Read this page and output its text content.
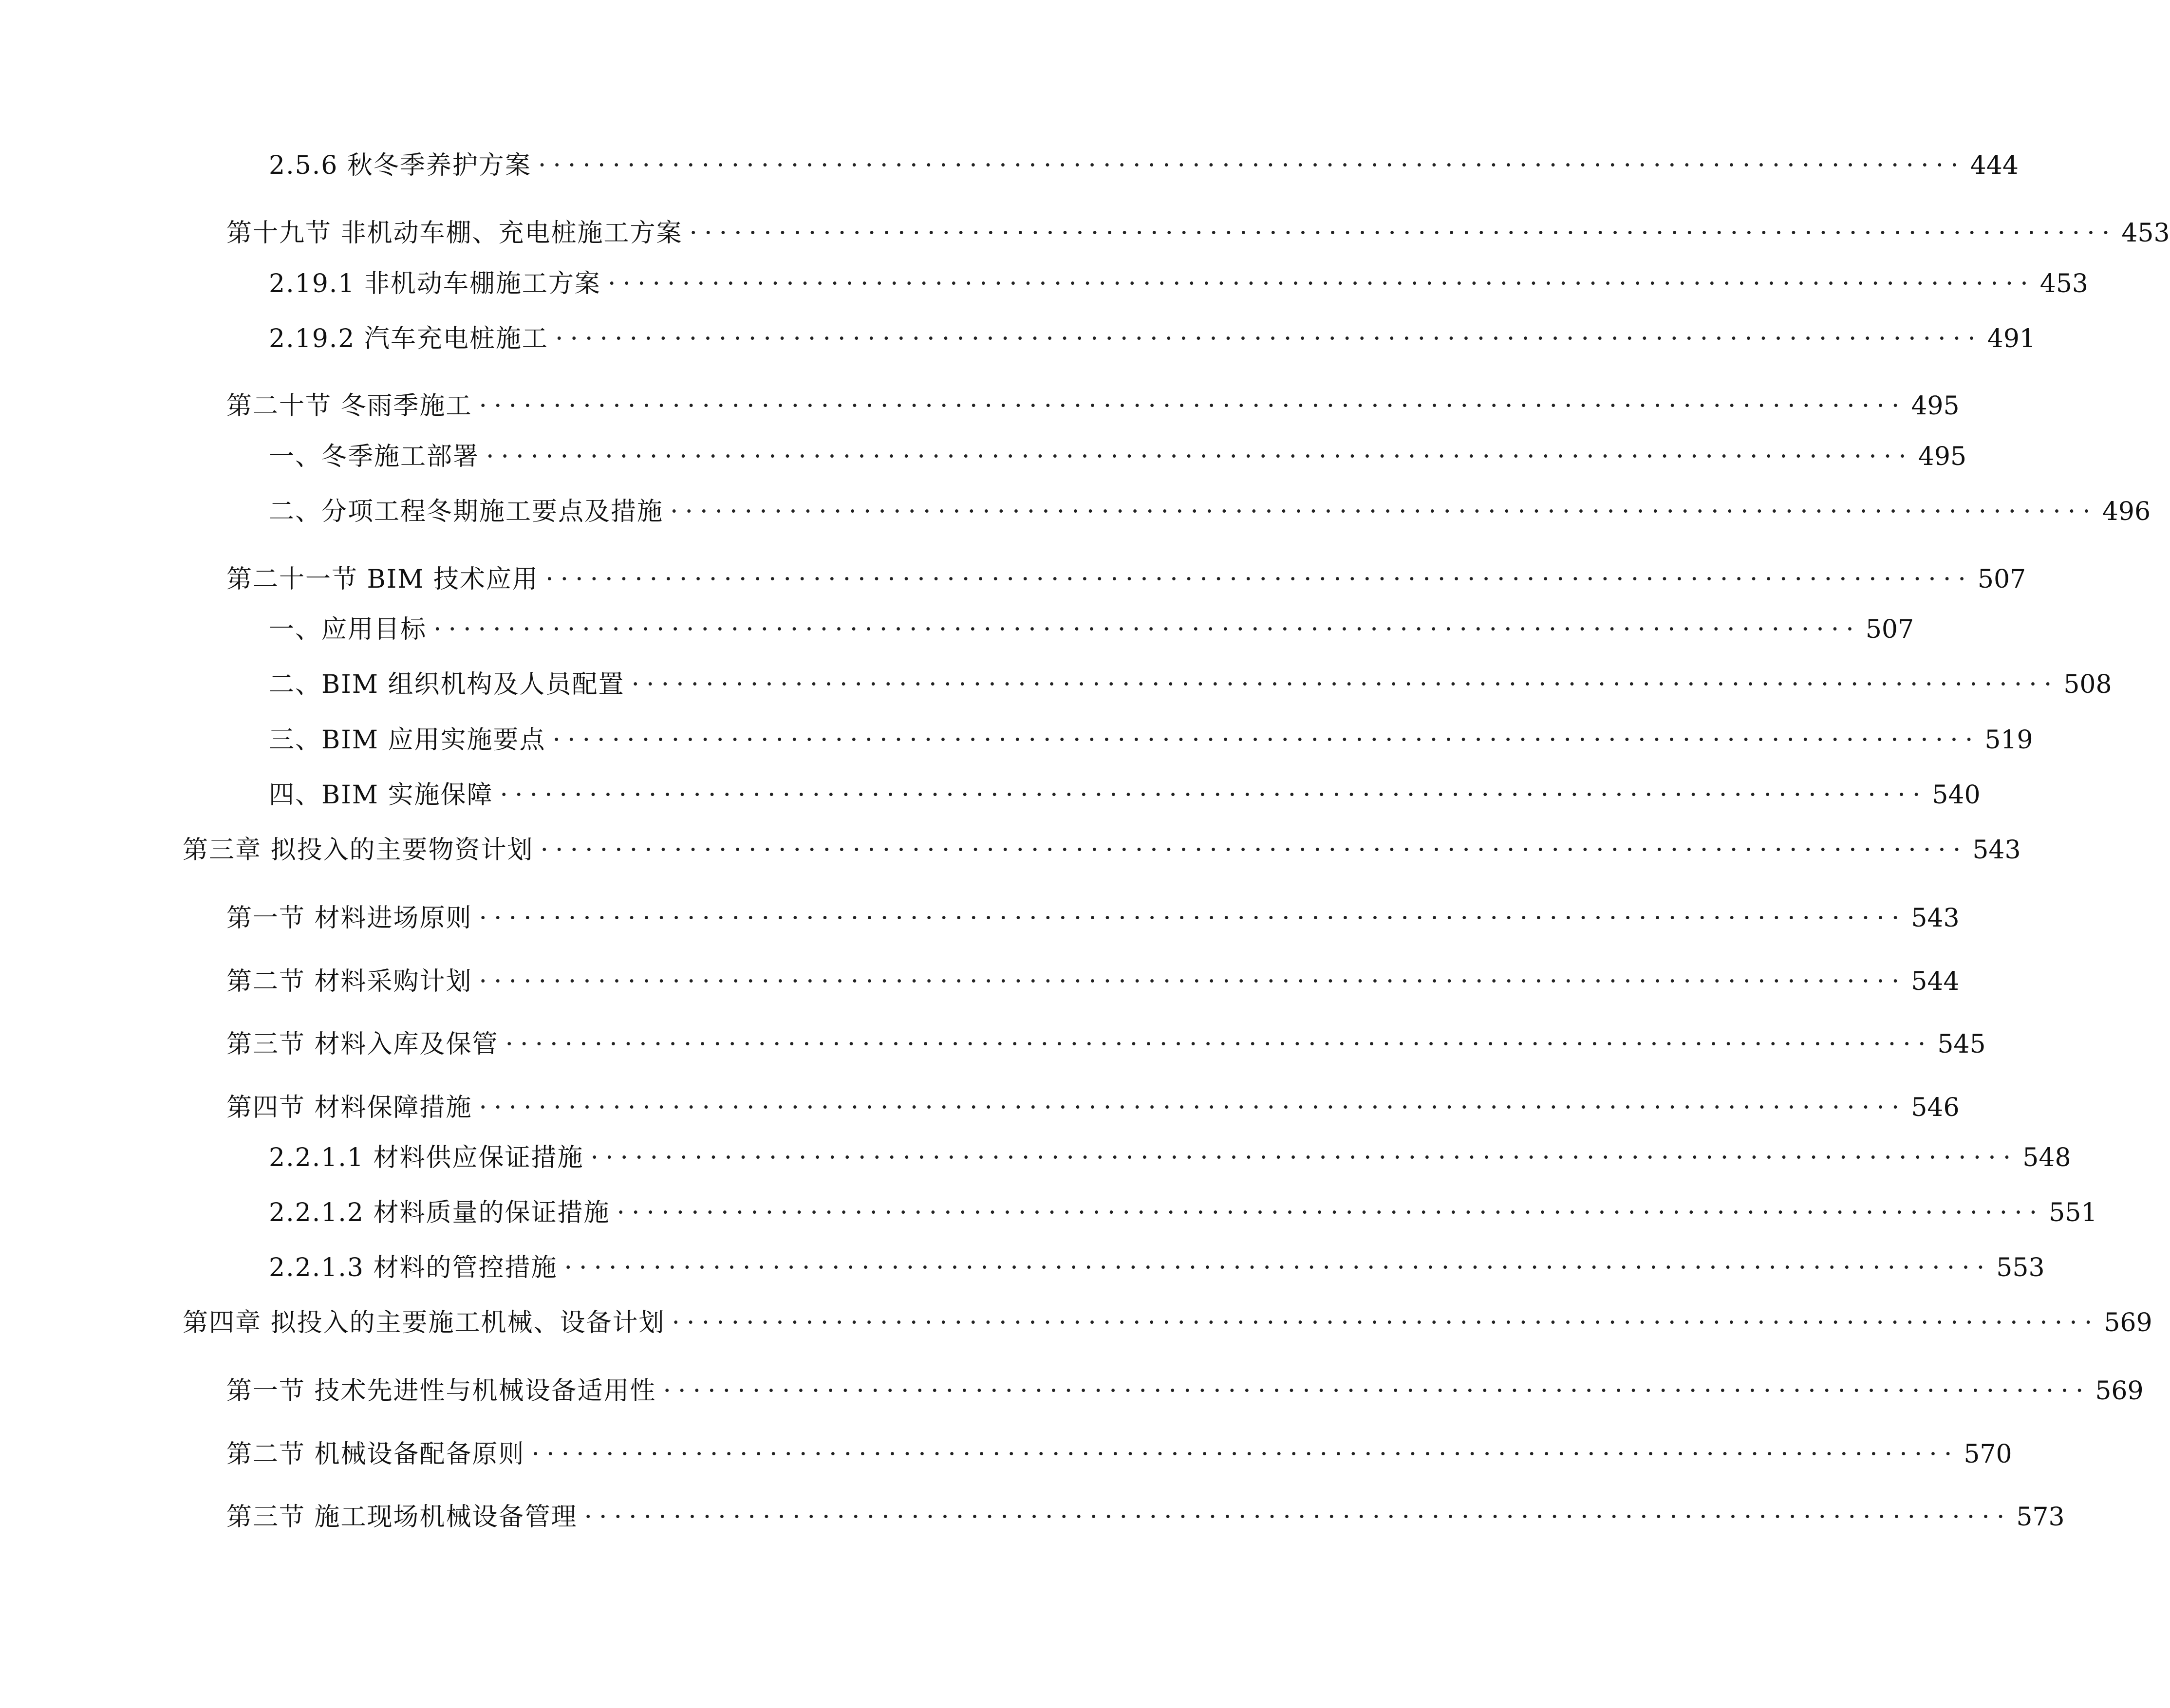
2.5.6 秋冬季养护方案 ································································································ 444
第十九节 非机动车棚、充电桩施工方案 ································································································ 453
2.19.1 非机动车棚施工方案 ································································································ 453
2.19.2 汽车充电桩施工 ································································································ 491
第二十节 冬雨季施工 ································································································ 495
一、冬季施工部署 ································································································ 495
二、分项工程冬期施工要点及措施 ································································································ 496
第二十一节 BIM 技术应用 ································································································ 507
一、应用目标 ································································································ 507
二、BIM 组织机构及人员配置 ································································································ 508
三、BIM 应用实施要点 ································································································ 519
四、BIM 实施保障 ································································································ 540
第三章 拟投入的主要物资计划 ································································································ 543
第一节 材料进场原则 ································································································ 543
第二节 材料采购计划 ································································································ 544
第三节 材料入库及保管 ································································································ 545
第四节 材料保障措施 ································································································ 546
2.2.1.1 材料供应保证措施 ································································································ 548
2.2.1.2 材料质量的保证措施 ································································································ 551
2.2.1.3 材料的管控措施 ································································································ 553
第四章 拟投入的主要施工机械、设备计划 ································································································ 569
第一节 技术先进性与机械设备适用性 ································································································ 569
第二节 机械设备配备原则 ································································································ 570
第三节 施工现场机械设备管理 ································································································ 573
